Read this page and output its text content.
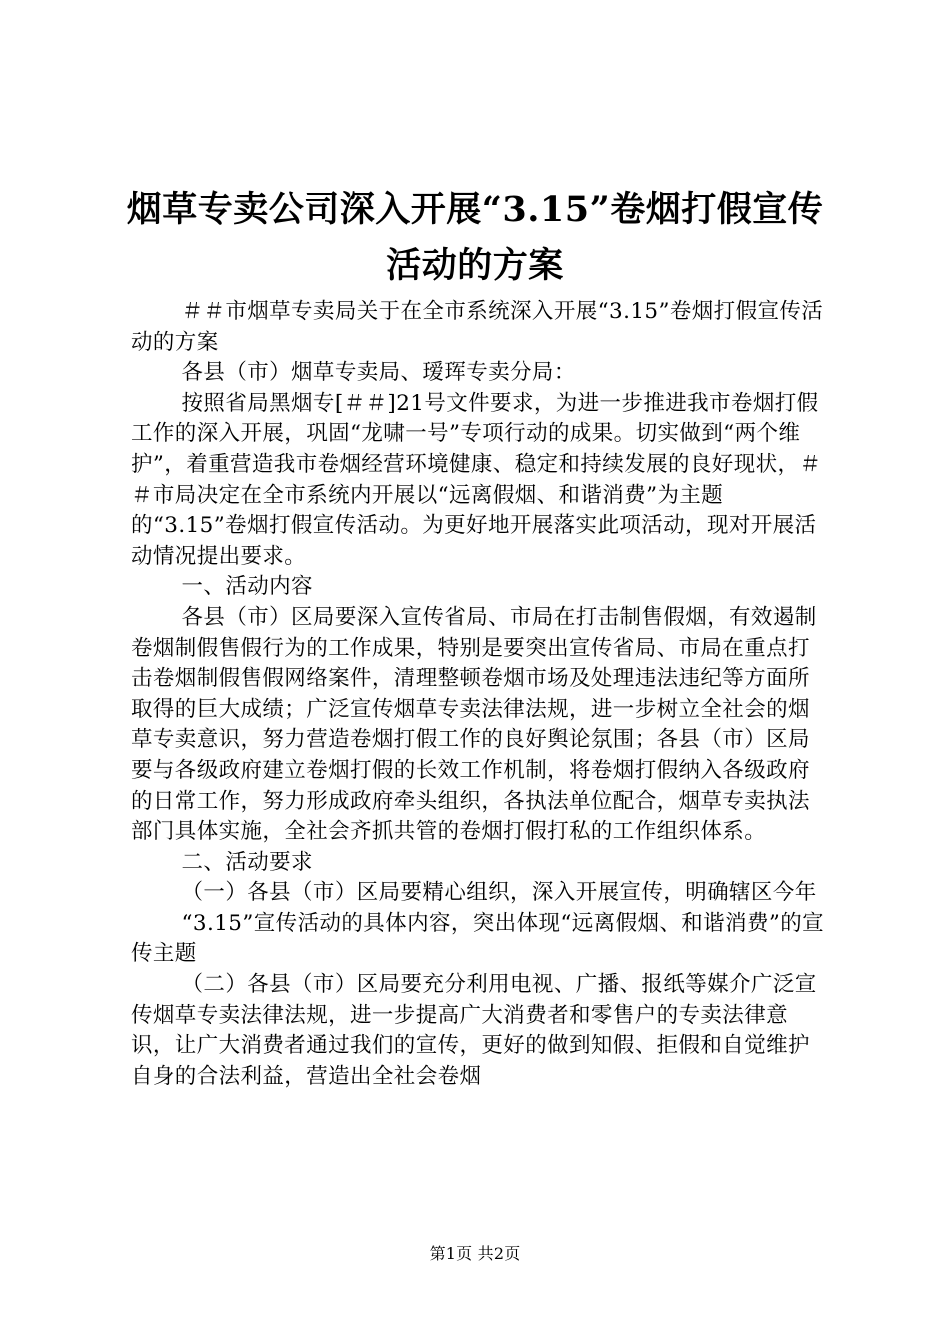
烟草专卖公司深入开展“3.15”卷烟打假宣传
活动的方案

＃＃市烟草专卖局关于在全市系统深入开展“3.15”卷烟打假宣传活动的方案

各县（市）烟草专卖局、瑷珲专卖分局：

按照省局黑烟专[＃＃]21号文件要求，为进一步推进我市卷烟打假工作的深入开展，巩固“龙啸一号”专项行动的成果。切实做到“两个维护”，着重营造我市卷烟经营环境健康、稳定和持续发展的良好现状，＃＃市局决定在全市系统内开展以“远离假烟、和谐消费”为主题的“3.15”卷烟打假宣传活动。为更好地开展落实此项活动，现对开展活动情况提出要求。

一、活动内容

各县（市）区局要深入宣传省局、市局在打击制售假烟，有效遏制卷烟制假售假行为的工作成果，特别是要突出宣传省局、市局在重点打击卷烟制假售假网络案件，清理整顿卷烟市场及处理违法违纪等方面所取得的巨大成绩；广泛宣传烟草专卖法律法规，进一步树立全社会的烟草专卖意识，努力营造卷烟打假工作的良好舆论氛围；各县（市）区局要与各级政府建立卷烟打假的长效工作机制，将卷烟打假纳入各级政府的日常工作，努力形成政府牵头组织，各执法单位配合，烟草专卖执法部门具体实施，全社会齐抓共管的卷烟打假打私的工作组织体系。

二、活动要求

（一）各县（市）区局要精心组织，深入开展宣传，明确辖区今年

“3.15”宣传活动的具体内容，突出体现“远离假烟、和谐消费”的宣传主题

（二）各县（市）区局要充分利用电视、广播、报纸等媒介广泛宣传烟草专卖法律法规，进一步提高广大消费者和零售户的专卖法律意识，让广大消费者通过我们的宣传，更好的做到知假、拒假和自觉维护自身的合法利益，营造出全社会卷烟

第1页 共2页
